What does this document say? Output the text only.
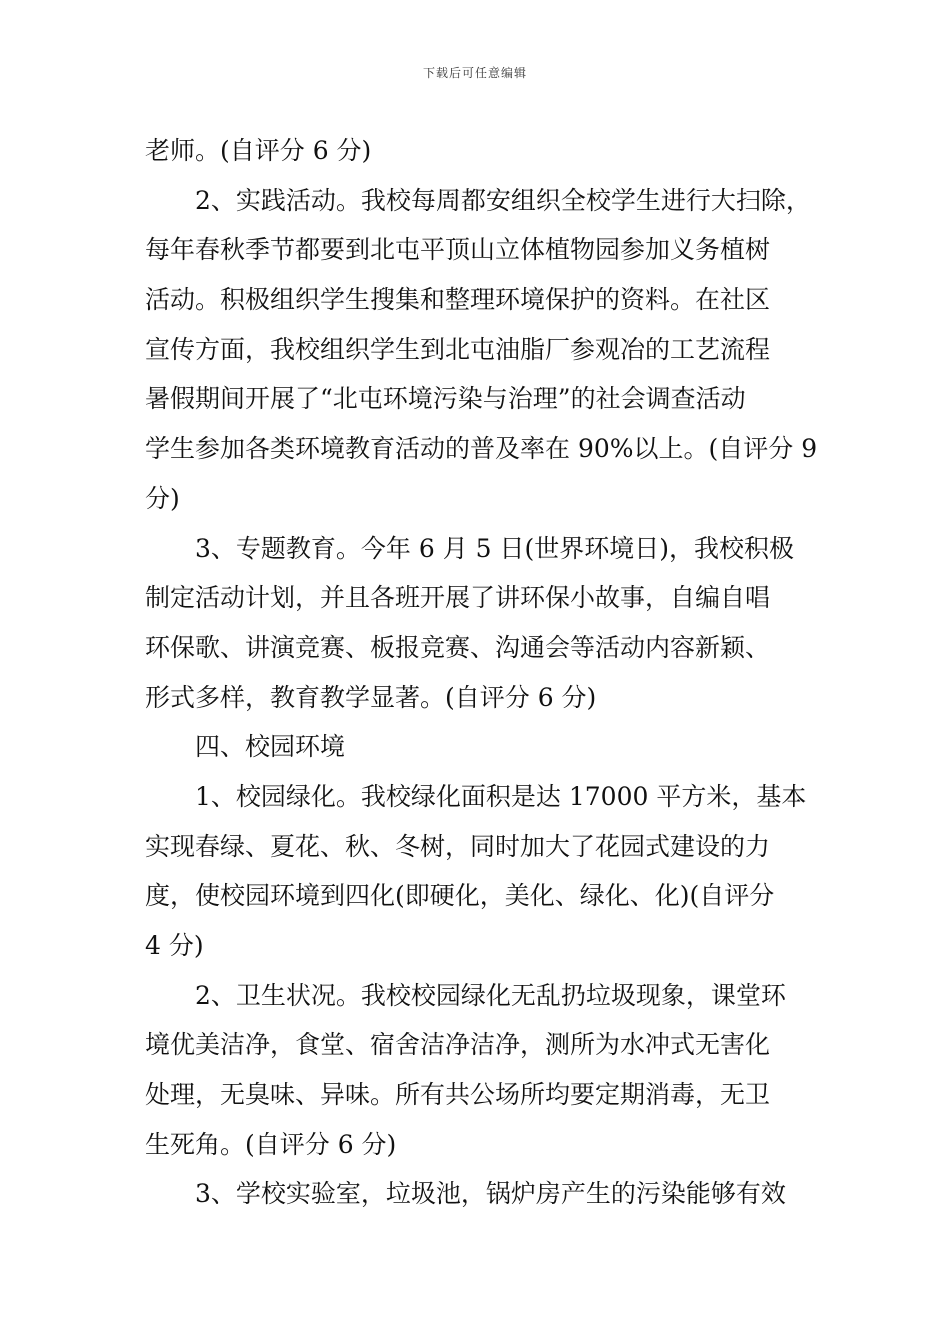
下载后可任意编辑
老师。(自评分 6 分)
2、实践活动。我校每周都安组织全校学生进行大扫除，
每年春秋季节都要到北屯平顶山立体植物园参加义务植树
活动。积极组织学生搜集和整理环境保护的资料。在社区
宣传方面，我校组织学生到北屯油脂厂参观冶的工艺流程
暑假期间开展了“北屯环境污染与治理”的社会调查活动
学生参加各类环境教育活动的普及率在 90%以上。(自评分 9
分)
3、专题教育。今年 6 月 5 日(世界环境日)，我校积极
制定活动计划，并且各班开展了讲环保小故事，自编自唱
环保歌、讲演竞赛、板报竞赛、沟通会等活动内容新颖、
形式多样，教育教学显著。(自评分 6 分)
四、校园环境
1、校园绿化。我校绿化面积是达 17000 平方米，基本
实现春绿、夏花、秋、冬树，同时加大了花园式建设的力
度，使校园环境到四化(即硬化，美化、绿化、化)(自评分
4 分)
2、卫生状况。我校校园绿化无乱扔垃圾现象，课堂环
境优美洁净，食堂、宿舍洁净洁净，测所为水冲式无害化
处理，无臭味、异味。所有共公场所均要定期消毒，无卫
生死角。(自评分 6 分)
3、学校实验室，垃圾池，锅炉房产生的污染能够有效
